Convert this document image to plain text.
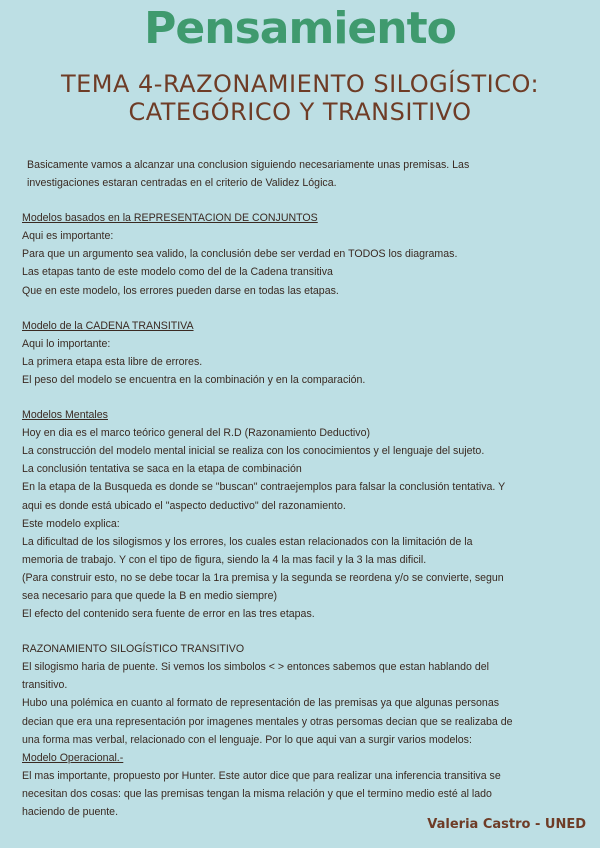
Pensamiento
TEMA 4-RAZONAMIENTO SILOGÍSTICO:
CATEGÓRICO Y TRANSITIVO

Basicamente vamos a alcanzar una conclusion siguiendo necesariamente unas premisas. Las

investigaciones estaran centradas en el criterio de Validez Lógica.

Modelos basados en la REPRESENTACION DE CONJUNTOS

Aqui es importante:

Para que un argumento sea valido, la conclusión debe ser verdad en TODOS los diagramas.

Las etapas tanto de este modelo como del de la Cadena transitiva

Que en este modelo, los errores pueden darse en todas las etapas.

Modelo de la CADENA TRANSITIVA

Aqui lo importante:

La primera etapa esta libre de errores.

El peso del modelo se encuentra en la combinación y en la comparación.

Modelos Mentales

Hoy en dia es el marco teórico general del R.D (Razonamiento Deductivo)

La construcción del modelo mental inicial se realiza con los conocimientos y el lenguaje del sujeto.

La conclusión tentativa se saca en la etapa de combinación

En la etapa de la Busqueda es donde se "buscan" contraejemplos para falsar la conclusión tentativa. Y

aqui es donde está ubicado el "aspecto deductivo" del razonamiento.

Este modelo explica:

La dificultad de los silogismos y los errores, los cuales estan relacionados con la limitación de la

memoria de trabajo. Y con el tipo de figura, siendo la 4 la mas facil y la 3 la mas dificil.

(Para construir esto, no se debe tocar la 1ra premisa y la segunda se reordena y/o se convierte, segun

sea necesario para que quede la B en medio siempre)

El efecto del contenido sera fuente de error en las tres etapas.

RAZONAMIENTO SILOGÍSTICO TRANSITIVO

El silogismo haria de puente. Si vemos los simbolos < > entonces sabemos que estan hablando del

transitivo.

Hubo una polémica en cuanto al formato de representación de las premisas ya que algunas personas

decian que era una representación por imagenes mentales y otras persomas decian que se realizaba de

una forma mas verbal, relacionado con el lenguaje. Por lo que aqui van a surgir varios modelos:

Modelo Operacional.-

El mas importante, propuesto por Hunter. Este autor dice que para realizar una inferencia transitiva se

necesitan dos cosas: que las premisas tengan la misma relación y que el termino medio esté al lado

haciendo de puente.

Valeria Castro - UNED
